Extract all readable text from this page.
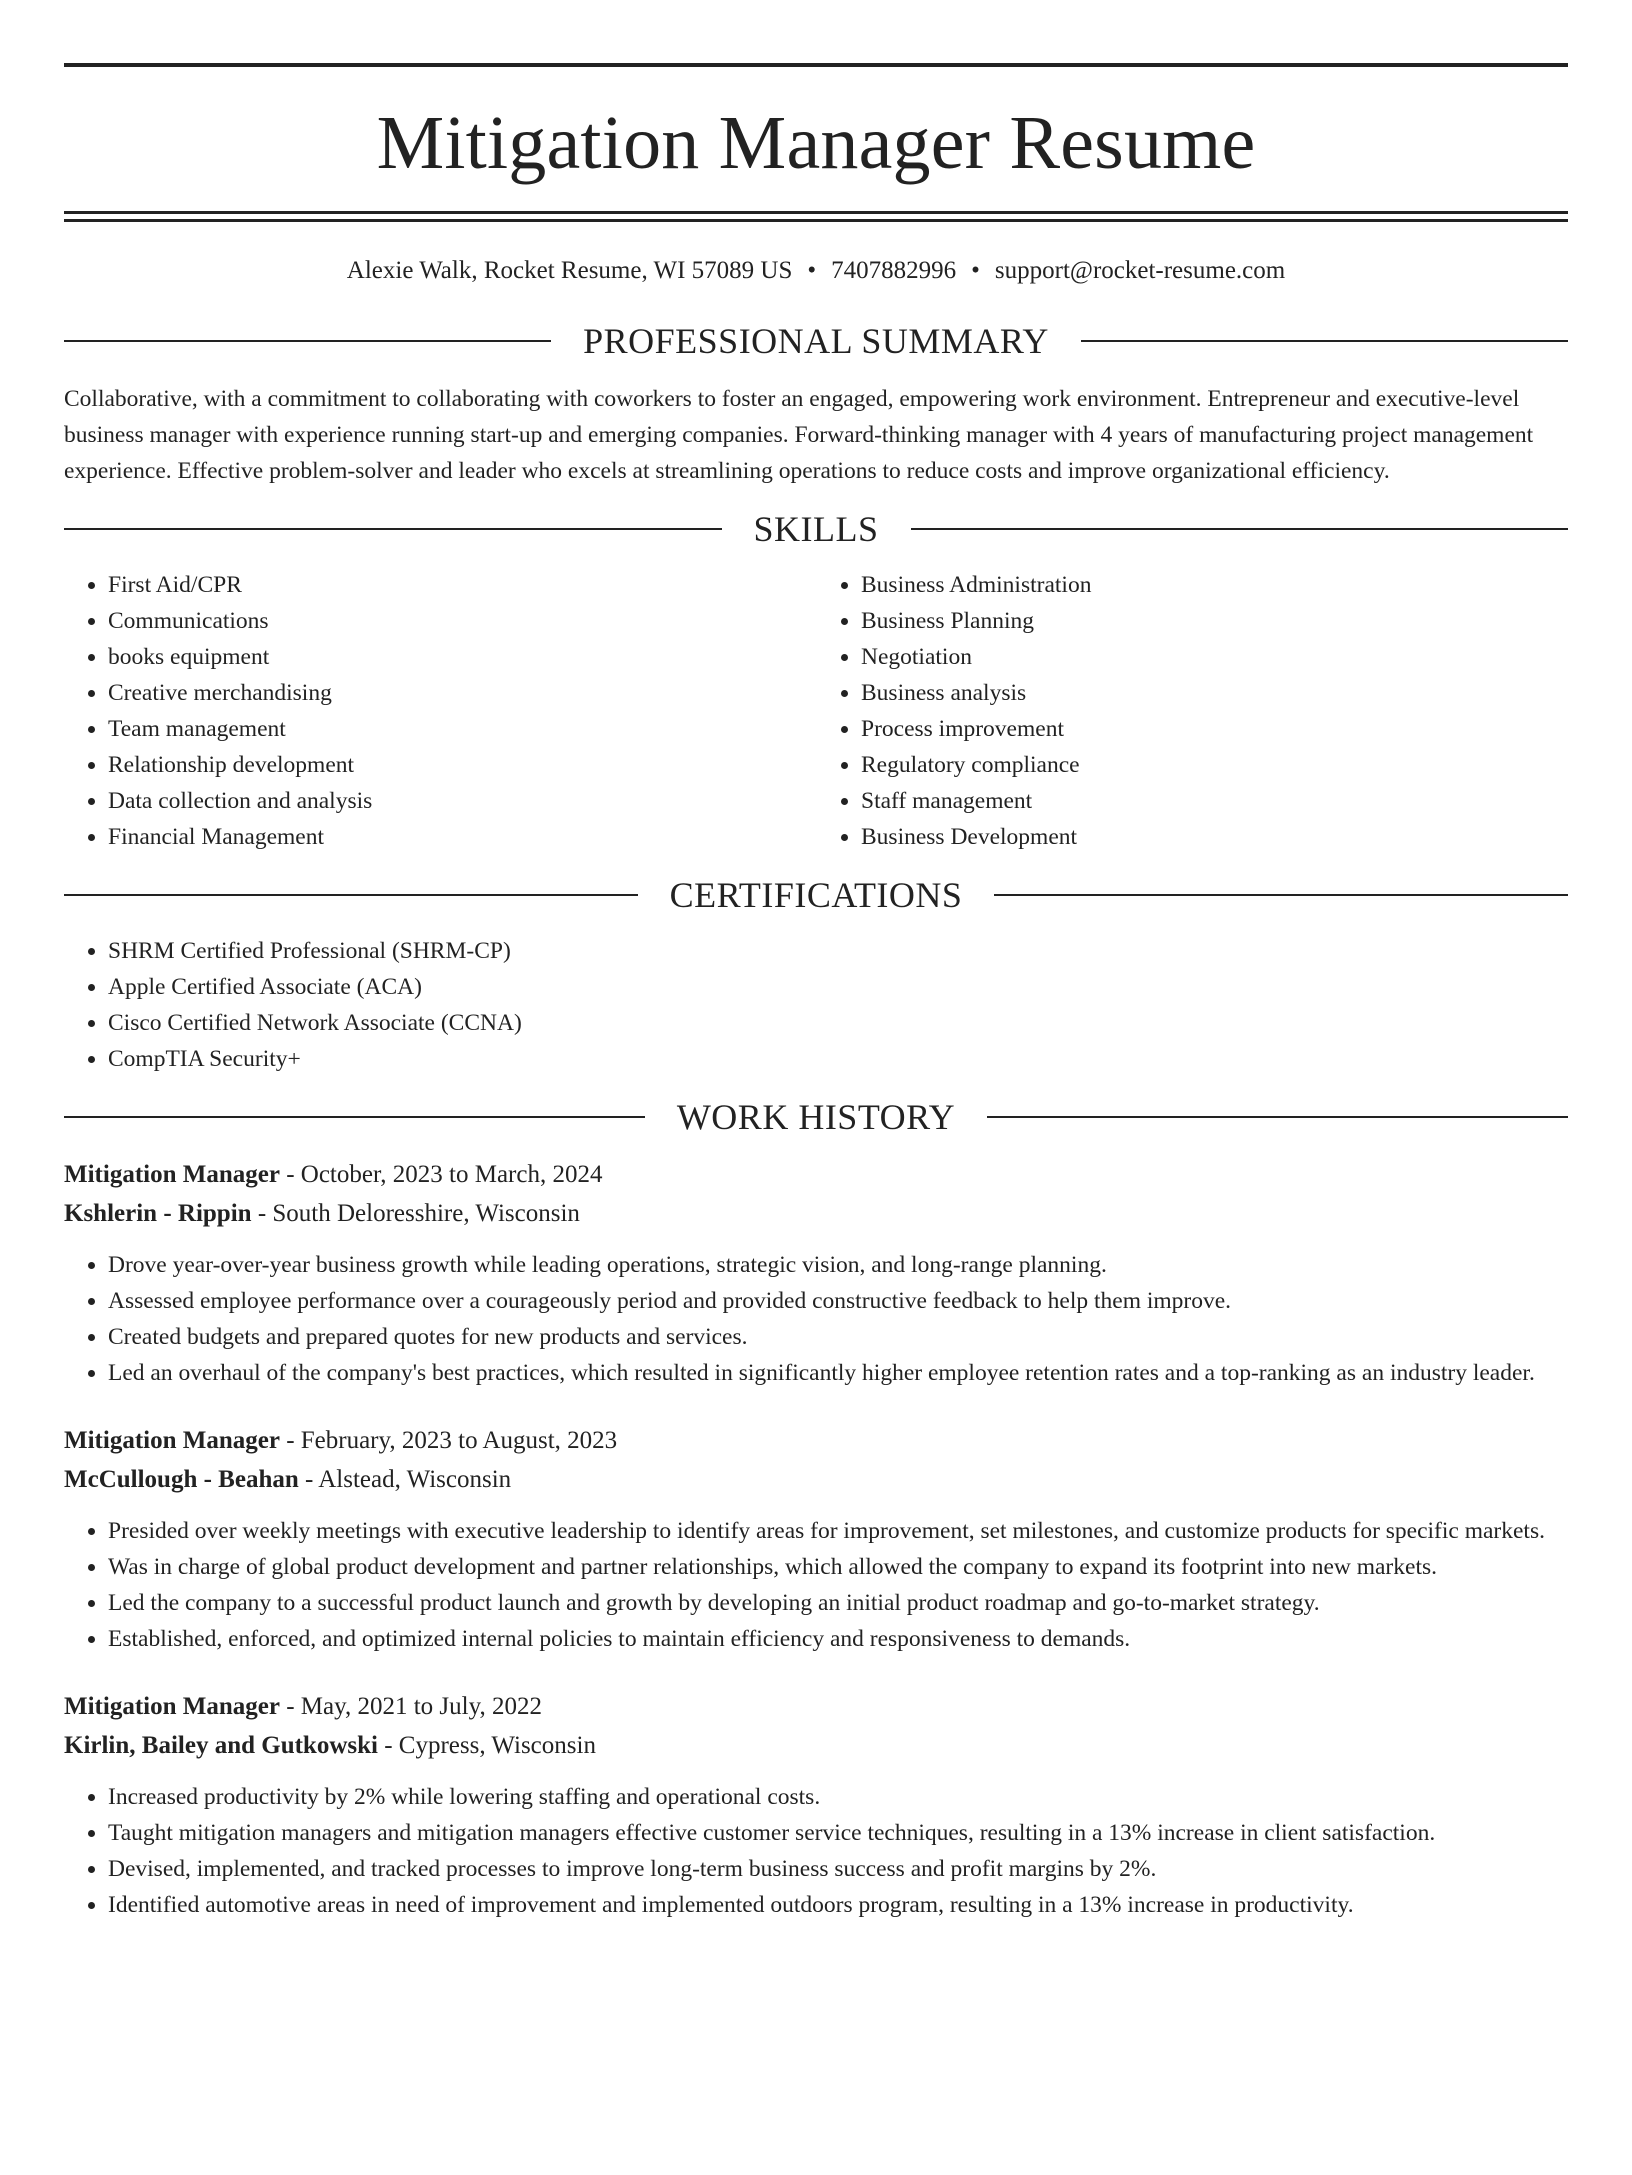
Mitigation Manager Resume
Alexie Walk, Rocket Resume, WI 57089 US • 7407882996 • support@rocket-resume.com
PROFESSIONAL SUMMARY

Collaborative, with a commitment to collaborating with coworkers to foster an engaged, empowering work environment. Entrepreneur and executive-level business manager with experience running start-up and emerging companies. Forward-thinking manager with 4 years of manufacturing project management experience. Effective problem-solver and leader who excels at streamlining operations to reduce costs and improve organizational efficiency.

SKILLS
• First Aid/CPR
• Communications
• books equipment
• Creative merchandising
• Team management
• Relationship development
• Data collection and analysis
• Financial Management
• Business Administration
• Business Planning
• Negotiation
• Business analysis
• Process improvement
• Regulatory compliance
• Staff management
• Business Development
CERTIFICATIONS
• SHRM Certified Professional (SHRM-CP)
• Apple Certified Associate (ACA)
• Cisco Certified Network Associate (CCNA)
• CompTIA Security+
WORK HISTORY
Mitigation Manager - October, 2023 to March, 2024
Kshlerin - Rippin - South Deloresshire, Wisconsin
• Drove year-over-year business growth while leading operations, strategic vision, and long-range planning.
• Assessed employee performance over a courageously period and provided constructive feedback to help them improve.
• Created budgets and prepared quotes for new products and services.
• Led an overhaul of the company's best practices, which resulted in significantly higher employee retention rates and a top-ranking as an industry leader.
Mitigation Manager - February, 2023 to August, 2023
McCullough - Beahan - Alstead, Wisconsin
• Presided over weekly meetings with executive leadership to identify areas for improvement, set milestones, and customize products for specific markets.
• Was in charge of global product development and partner relationships, which allowed the company to expand its footprint into new markets.
• Led the company to a successful product launch and growth by developing an initial product roadmap and go-to-market strategy.
• Established, enforced, and optimized internal policies to maintain efficiency and responsiveness to demands.
Mitigation Manager - May, 2021 to July, 2022
Kirlin, Bailey and Gutkowski - Cypress, Wisconsin
• Increased productivity by 2% while lowering staffing and operational costs.
• Taught mitigation managers and mitigation managers effective customer service techniques, resulting in a 13% increase in client satisfaction.
• Devised, implemented, and tracked processes to improve long-term business success and profit margins by 2%.
• Identified automotive areas in need of improvement and implemented outdoors program, resulting in a 13% increase in productivity.
